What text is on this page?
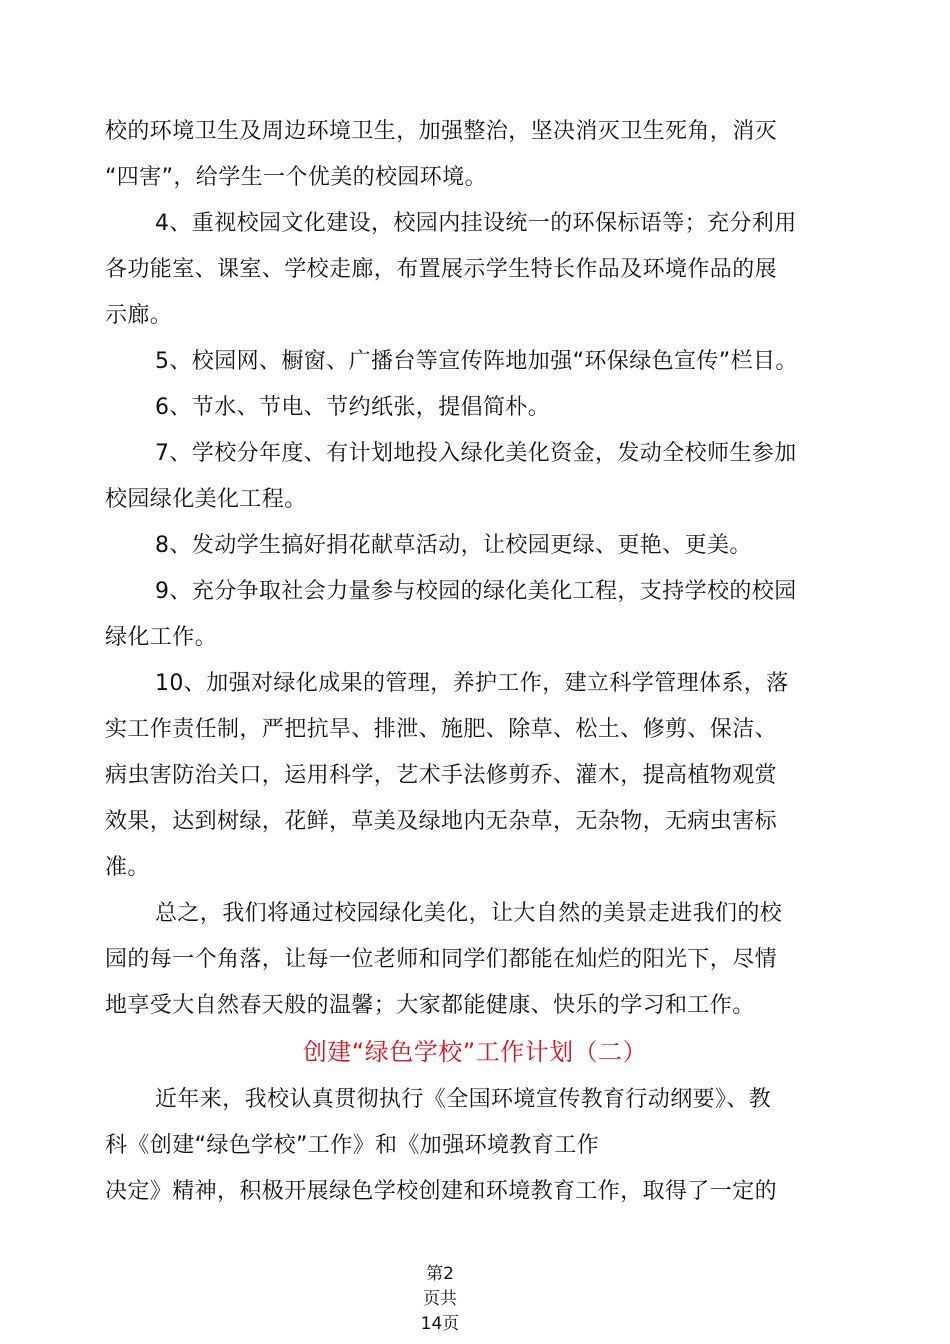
校的环境卫生及周边环境卫生，加强整治，坚决消灭卫生死角，消灭
“四害”，给学生一个优美的校园环境。
4、重视校园文化建设，校园内挂设统一的环保标语等；充分利用
各功能室、课室、学校走廊，布置展示学生特长作品及环境作品的展
示廊。
5、校园网、橱窗、广播台等宣传阵地加强“环保绿色宣传”栏目。
6、节水、节电、节约纸张，提倡简朴。
7、学校分年度、有计划地投入绿化美化资金，发动全校师生参加
校园绿化美化工程。
8、发动学生搞好捐花献草活动，让校园更绿、更艳、更美。
9、充分争取社会力量参与校园的绿化美化工程，支持学校的校园
绿化工作。
10、加强对绿化成果的管理，养护工作，建立科学管理体系，落
实工作责任制，严把抗旱、排泄、施肥、除草、松土、修剪、保洁、
病虫害防治关口，运用科学，艺术手法修剪乔、灌木，提高植物观赏
效果，达到树绿，花鲜，草美及绿地内无杂草，无杂物，无病虫害标
准。
总之，我们将通过校园绿化美化，让大自然的美景走进我们的校
园的每一个角落，让每一位老师和同学们都能在灿烂的阳光下，尽情
地享受大自然春天般的温馨；大家都能健康、快乐的学习和工作。
创建“绿色学校”工作计划（二）
近年来，我校认真贯彻执行《全国环境宣传教育行动纲要》、教
科《创建“绿色学校”工作》和《加强环境教育工作
决定》精神，积极开展绿色学校创建和环境教育工作，取得了一定的
第2
页共
14页
